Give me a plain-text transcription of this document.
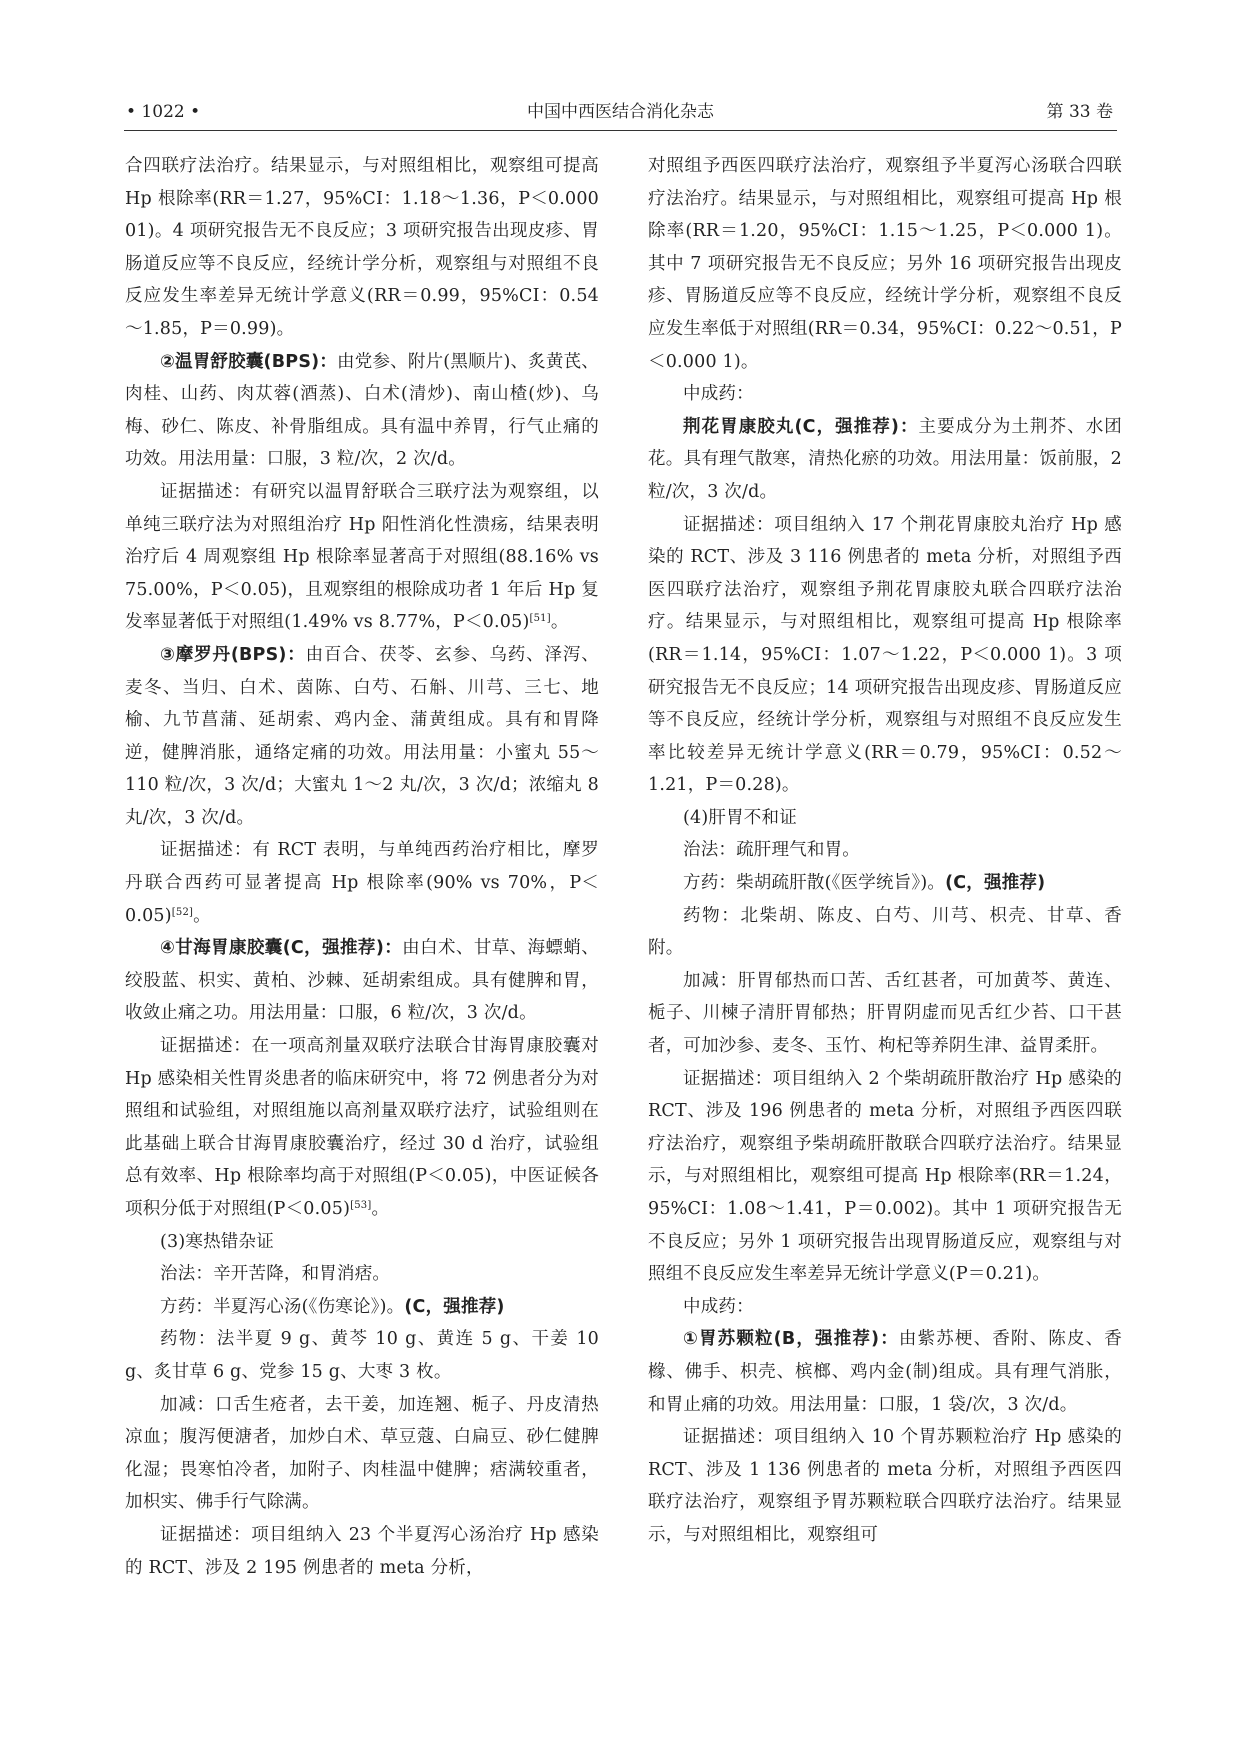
• 1022 •	中国中西医结合消化杂志	第 33 卷

合四联疗法治疗。结果显示，与对照组相比，观察组可提高 Hp 根除率(RR＝1.27，95%CI：1.18～1.36，P＜0.000 01)。4 项研究报告无不良反应；3 项研究报告出现皮疹、胃肠道反应等不良反应，经统计学分析，观察组与对照组不良反应发生率差异无统计学意义(RR＝0.99，95%CI：0.54～1.85，P＝0.99)。

②温胃舒胶囊(BPS)：由党参、附片(黑顺片)、炙黄芪、肉桂、山药、肉苁蓉(酒蒸)、白术(清炒)、南山楂(炒)、乌梅、砂仁、陈皮、补骨脂组成。具有温中养胃，行气止痛的功效。用法用量：口服，3 粒/次，2 次/d。

证据描述：有研究以温胃舒联合三联疗法为观察组，以单纯三联疗法为对照组治疗 Hp 阳性消化性溃疡，结果表明治疗后 4 周观察组 Hp 根除率显著高于对照组(88.16% vs 75.00%，P＜0.05)，且观察组的根除成功者 1 年后 Hp 复发率显著低于对照组(1.49% vs 8.77%，P＜0.05)[51]。

③摩罗丹(BPS)：由百合、茯苓、玄参、乌药、泽泻、麦冬、当归、白术、茵陈、白芍、石斛、川芎、三七、地榆、九节菖蒲、延胡索、鸡内金、蒲黄组成。具有和胃降逆，健脾消胀，通络定痛的功效。用法用量：小蜜丸 55～110 粒/次，3 次/d；大蜜丸 1～2 丸/次，3 次/d；浓缩丸 8 丸/次，3 次/d。

证据描述：有 RCT 表明，与单纯西药治疗相比，摩罗丹联合西药可显著提高 Hp 根除率(90% vs 70%，P＜0.05)[52]。

④甘海胃康胶囊(C，强推荐)：由白术、甘草、海螵蛸、绞股蓝、枳实、黄柏、沙棘、延胡索组成。具有健脾和胃，收敛止痛之功。用法用量：口服，6 粒/次，3 次/d。

证据描述：在一项高剂量双联疗法联合甘海胃康胶囊对 Hp 感染相关性胃炎患者的临床研究中，将 72 例患者分为对照组和试验组，对照组施以高剂量双联疗法疗，试验组则在此基础上联合甘海胃康胶囊治疗，经过 30 d 治疗，试验组总有效率、Hp 根除率均高于对照组(P＜0.05)，中医证候各项积分低于对照组(P＜0.05)[53]。

(3)寒热错杂证

治法：辛开苦降，和胃消痞。

方药：半夏泻心汤(《伤寒论》)。(C，强推荐)

药物：法半夏 9 g、黄芩 10 g、黄连 5 g、干姜 10 g、炙甘草 6 g、党参 15 g、大枣 3 枚。

加减：口舌生疮者，去干姜，加连翘、栀子、丹皮清热凉血；腹泻便溏者，加炒白术、草豆蔻、白扁豆、砂仁健脾化湿；畏寒怕冷者，加附子、肉桂温中健脾；痞满较重者，加枳实、佛手行气除满。

证据描述：项目组纳入 23 个半夏泻心汤治疗 Hp 感染的 RCT、涉及 2 195 例患者的 meta 分析，

对照组予西医四联疗法治疗，观察组予半夏泻心汤联合四联疗法治疗。结果显示，与对照组相比，观察组可提高 Hp 根除率(RR＝1.20，95%CI：1.15～1.25，P＜0.000 1)。其中 7 项研究报告无不良反应；另外 16 项研究报告出现皮疹、胃肠道反应等不良反应，经统计学分析，观察组不良反应发生率低于对照组(RR＝0.34，95%CI：0.22～0.51，P＜0.000 1)。

中成药：

荆花胃康胶丸(C，强推荐)：主要成分为土荆芥、水团花。具有理气散寒，清热化瘀的功效。用法用量：饭前服，2 粒/次，3 次/d。

证据描述：项目组纳入 17 个荆花胃康胶丸治疗 Hp 感染的 RCT、涉及 3 116 例患者的 meta 分析，对照组予西医四联疗法治疗，观察组予荆花胃康胶丸联合四联疗法治疗。结果显示，与对照组相比，观察组可提高 Hp 根除率(RR＝1.14，95%CI：1.07～1.22，P＜0.000 1)。3 项研究报告无不良反应；14 项研究报告出现皮疹、胃肠道反应等不良反应，经统计学分析，观察组与对照组不良反应发生率比较差异无统计学意义(RR＝0.79，95%CI：0.52～1.21，P＝0.28)。

(4)肝胃不和证

治法：疏肝理气和胃。

方药：柴胡疏肝散(《医学统旨》)。(C，强推荐)

药物：北柴胡、陈皮、白芍、川芎、枳壳、甘草、香附。

加减：肝胃郁热而口苦、舌红甚者，可加黄芩、黄连、栀子、川楝子清肝胃郁热；肝胃阴虚而见舌红少苔、口干甚者，可加沙参、麦冬、玉竹、枸杞等养阴生津、益胃柔肝。

证据描述：项目组纳入 2 个柴胡疏肝散治疗 Hp 感染的 RCT、涉及 196 例患者的 meta 分析，对照组予西医四联疗法治疗，观察组予柴胡疏肝散联合四联疗法治疗。结果显示，与对照组相比，观察组可提高 Hp 根除率(RR＝1.24，95%CI：1.08～1.41，P＝0.002)。其中 1 项研究报告无不良反应；另外 1 项研究报告出现胃肠道反应，观察组与对照组不良反应发生率差异无统计学意义(P＝0.21)。

中成药：

①胃苏颗粒(B，强推荐)：由紫苏梗、香附、陈皮、香橼、佛手、枳壳、槟榔、鸡内金(制)组成。具有理气消胀，和胃止痛的功效。用法用量：口服，1 袋/次，3 次/d。

证据描述：项目组纳入 10 个胃苏颗粒治疗 Hp 感染的 RCT、涉及 1 136 例患者的 meta 分析，对照组予西医四联疗法治疗，观察组予胃苏颗粒联合四联疗法治疗。结果显示，与对照组相比，观察组可
